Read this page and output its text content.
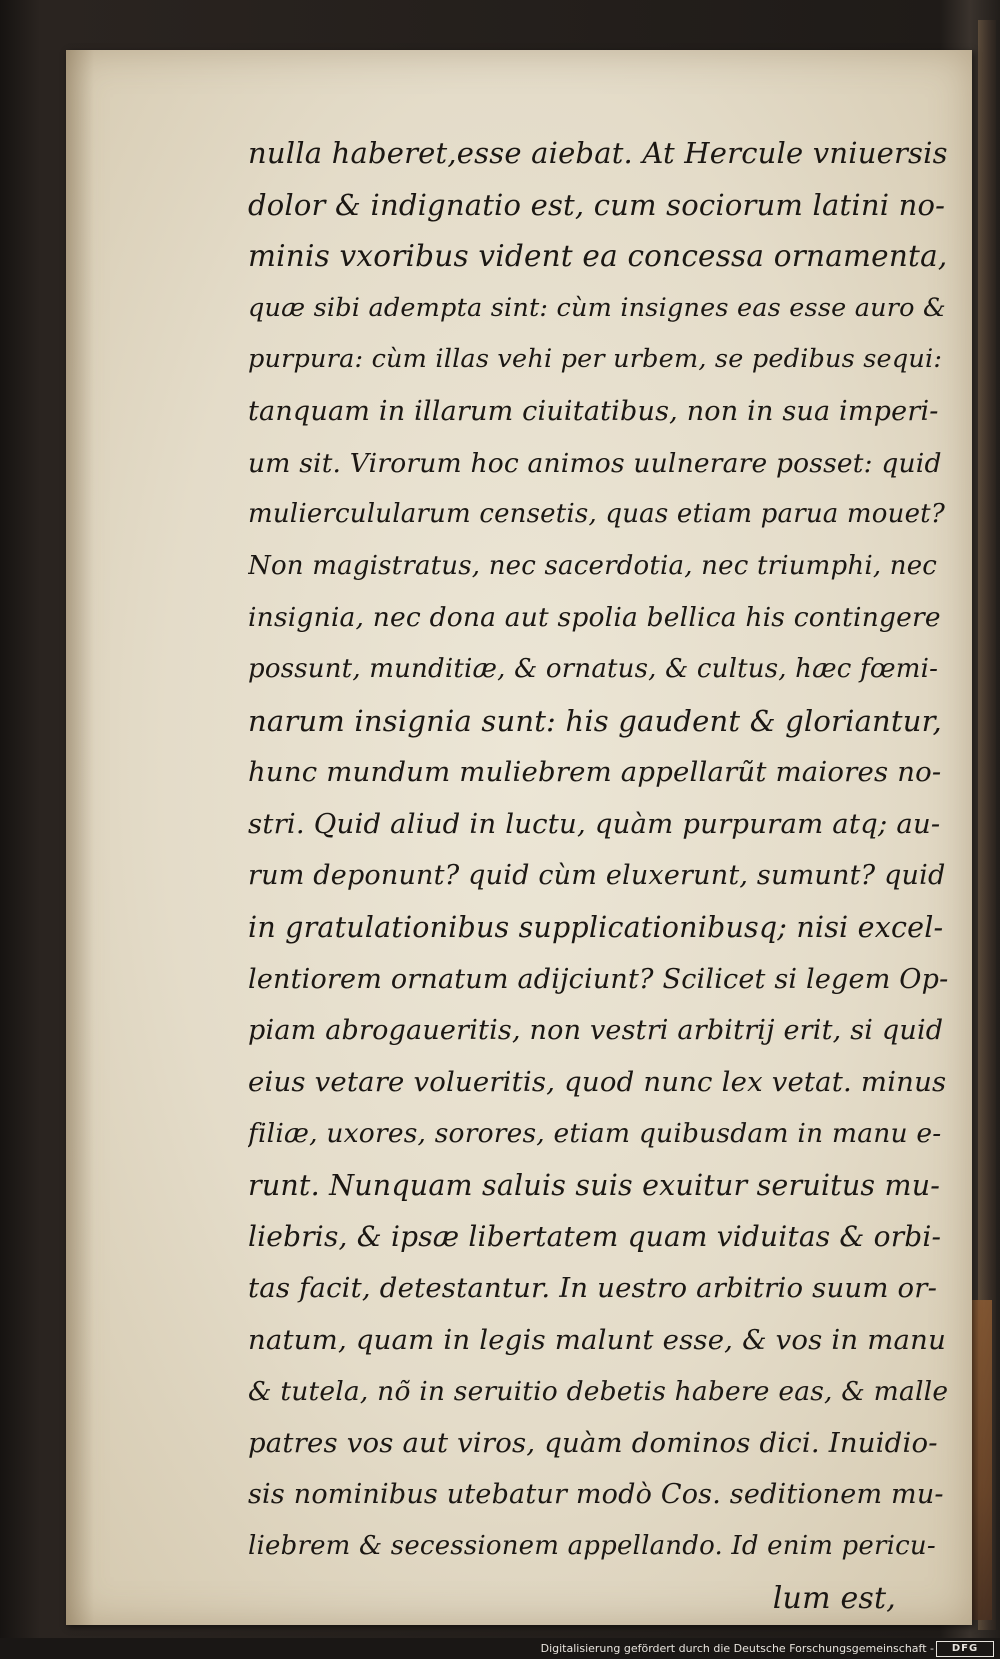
nulla haberet,esse aiebat. At Hercule vniuersis
dolor & indignatio est, cum sociorum latini no-
minis vxoribus vident ea concessa ornamenta,
quæ sibi adempta sint: cùm insignes eas esse auro &
purpura: cùm illas vehi per urbem, se pedibus sequi:
tanquam in illarum ciuitatibus, non in sua imperi-
um sit. Virorum hoc animos uulnerare posset: quid
mulierculularum censetis, quas etiam parua mouet?
Non magistratus, nec sacerdotia, nec triumphi, nec
insignia, nec dona aut spolia bellica his contingere
possunt, munditiæ, & ornatus, & cultus, hæc fœmi-
narum insignia sunt: his gaudent & gloriantur,
hunc mundum muliebrem appellarũt maiores no-
stri. Quid aliud in luctu, quàm purpuram atq; au-
rum deponunt? quid cùm eluxerunt, sumunt? quid
in gratulationibus supplicationibusq; nisi excel-
lentiorem ornatum adijciunt? Scilicet si legem Op-
piam abrogaueritis, non vestri arbitrij erit, si quid
eius vetare volueritis, quod nunc lex vetat. minus
filiæ, uxores, sorores, etiam quibusdam in manu e-
runt. Nunquam saluis suis exuitur seruitus mu-
liebris, & ipsæ libertatem quam viduitas & orbi-
tas facit, detestantur. In uestro arbitrio suum or-
natum, quam in legis malunt esse, & vos in manu
& tutela, nõ in seruitio debetis habere eas, & malle
patres vos aut viros, quàm dominos dici. Inuidio-
sis nominibus utebatur modò Cos. seditionem mu-
liebrem & secessionem appellando. Id enim pericu-
lum est,
Digitalisierung gefördert durch die Deutsche Forschungsgemeinschaft -	DFG
